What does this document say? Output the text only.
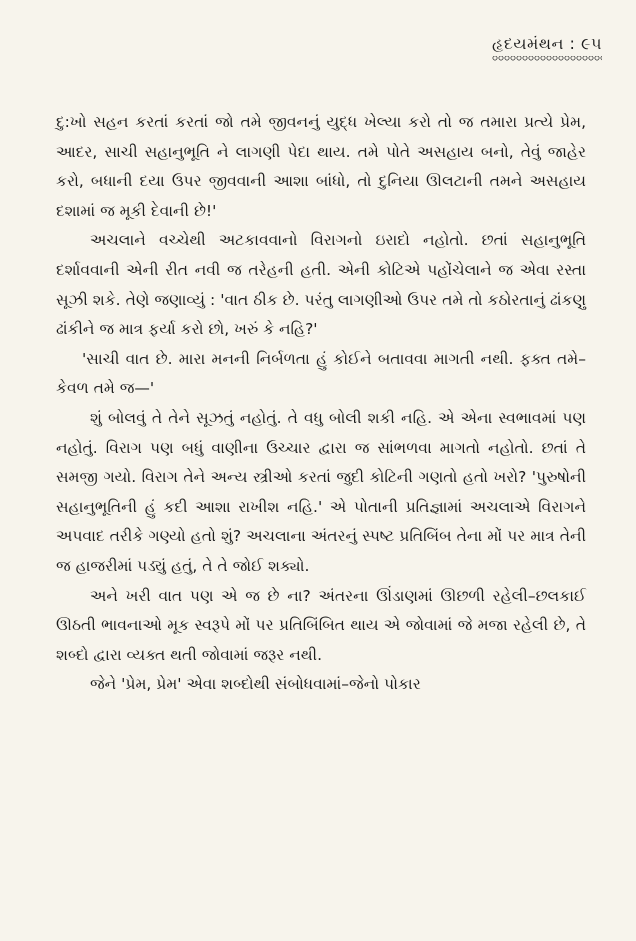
હૃદયમંથન : ૯૫

દુ:ખો સહન કરતાં કરતાં જો તમે જીવનનું યુદ્ધ ખેલ્યા કરો તો જ તમારા પ્રત્યે પ્રેમ, આદર, સાચી સહાનુભૂતિ ને લાગણી પેદા થાય. તમે પોતે અસહાય બનો, તેવું જાહેર કરો, બધાની દયા ઉપર જીવવાની આશા બાંધો, તો દુનિયા ઊલટાની તમને અસહાય દશામાં જ મૂકી દેવાની છે!'

અચલાને વચ્ચેથી અટકાવવાનો વિરાગનો ઇરાદો નહોતો. છતાં સહાનુભૂતિ દર્શાવવાની એની રીત નવી જ તરેહની હતી. એની કોટિએ પહોંચેલાને જ એવા રસ્તા સૂઝી શકે. તેણે જણાવ્યું : 'વાત ઠીક છે. પરંતુ લાગણીઓ ઉપર તમે તો કઠોરતાનું ઢાંકણુ ઢાંકીને જ માત્ર ફર્યા કરો છો, ખરું કે નહિ?'

'સાચી વાત છે. મારા મનની નિર્બળતા હું કોઈને બતાવવા માગતી નથી. ફક્ત તમે–કેવળ તમે જ—'

શું બોલવું તે તેને સૂઝતું નહોતું. તે વધુ બોલી શકી નહિ. એ એના સ્વભાવમાં પણ નહોતું. વિરાગ પણ બધું વાણીના ઉચ્ચાર દ્વારા જ સાંભળવા માગતો નહોતો. છતાં તે સમજી ગયો. વિરાગ તેને અન્ય સ્ત્રીઓ કરતાં જુદી કોટિની ગણતો હતો ખરો? 'પુરુષોની સહાનુભૂતિની હું કદી આશા રાખીશ નહિ.' એ પોતાની પ્રતિજ્ઞામાં અચલાએ વિરાગને અપવાદ તરીકે ગણ્યો હતો શું? અચલાના અંતરનું સ્પષ્ટ પ્રતિબિંબ તેના મોં પર માત્ર તેની જ હાજરીમાં પડ્યું હતું, તે તે જોઈ શક્યો.

અને ખરી વાત પણ એ જ છે ના? અંતરના ઊંડાણમાં ઊછળી રહેલી–છલકાઈ ઊઠતી ભાવનાઓ મૂક સ્વરૂપે મોં પર પ્રતિબિંબિત થાય એ જોવામાં જે મજા રહેલી છે, તે શબ્દો દ્વારા વ્યક્ત થતી જોવામાં જરૂર નથી.

જેને 'પ્રેમ, પ્રેમ' એવા શબ્દોથી સંબોધવામાં–જેનો પોકાર
